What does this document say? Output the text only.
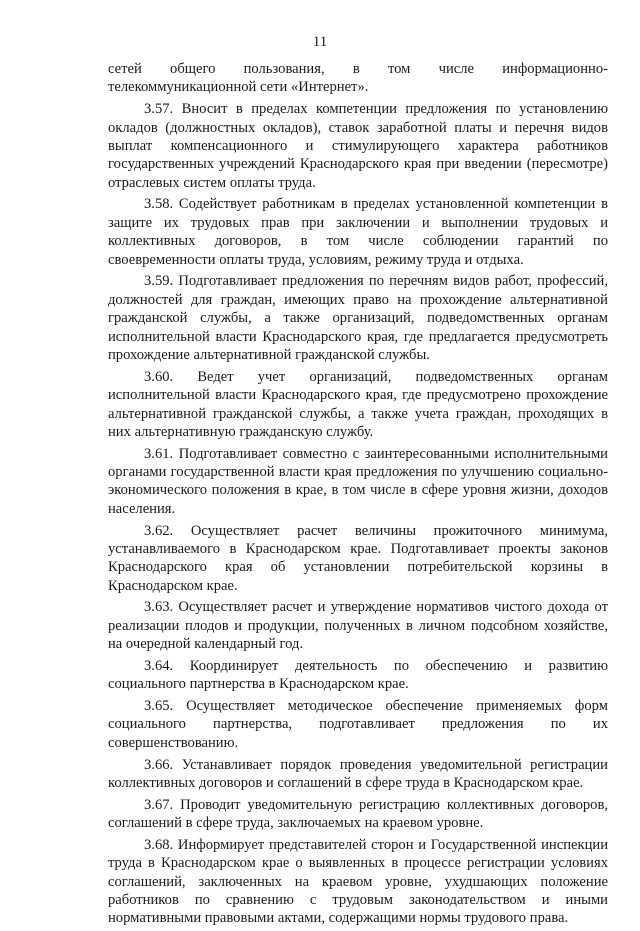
11

сетей общего пользования, в том числе информационно-телекоммуникационной сети «Интернет».

3.57. Вносит в пределах компетенции предложения по установлению окладов (должностных окладов), ставок заработной платы и перечня видов выплат компенсационного и стимулирующего характера работников государственных учреждений Краснодарского края при введении (пересмотре) отраслевых систем оплаты труда.

3.58. Содействует работникам в пределах установленной компетенции в защите их трудовых прав при заключении и выполнении трудовых и коллективных договоров, в том числе соблюдении гарантий по своевременности оплаты труда, условиям, режиму труда и отдыха.

3.59. Подготавливает предложения по перечням видов работ, профессий, должностей для граждан, имеющих право на прохождение альтернативной гражданской службы, а также организаций, подведомственных органам исполнительной власти Краснодарского края, где предлагается предусмотреть прохождение альтернативной гражданской службы.

3.60. Ведет учет организаций, подведомственных органам исполнительной власти Краснодарского края, где предусмотрено прохождение альтернативной гражданской службы, а также учета граждан, проходящих в них альтернативную гражданскую службу.

3.61. Подготавливает совместно с заинтересованными исполнительными органами государственной власти края предложения по улучшению социально-экономического положения в крае, в том числе в сфере уровня жизни, доходов населения.

3.62. Осуществляет расчет величины прожиточного минимума, устанавливаемого в Краснодарском крае. Подготавливает проекты законов Краснодарского края об установлении потребительской корзины в Краснодарском крае.

3.63. Осуществляет расчет и утверждение нормативов чистого дохода от реализации плодов и продукции, полученных в личном подсобном хозяйстве, на очередной календарный год.

3.64. Координирует деятельность по обеспечению и развитию социального партнерства в Краснодарском крае.

3.65. Осуществляет методическое обеспечение применяемых форм социального партнерства, подготавливает предложения по их совершенствованию.

3.66. Устанавливает порядок проведения уведомительной регистрации коллективных договоров и соглашений в сфере труда в Краснодарском крае.

3.67. Проводит уведомительную регистрацию коллективных договоров, соглашений в сфере труда, заключаемых на краевом уровне.

3.68. Информирует представителей сторон и Государственной инспекции труда в Краснодарском крае о выявленных в процессе регистрации условиях соглашений, заключенных на краевом уровне, ухудшающих положение работников по сравнению с трудовым законодательством и иными нормативными правовыми актами, содержащими нормы трудового права.
